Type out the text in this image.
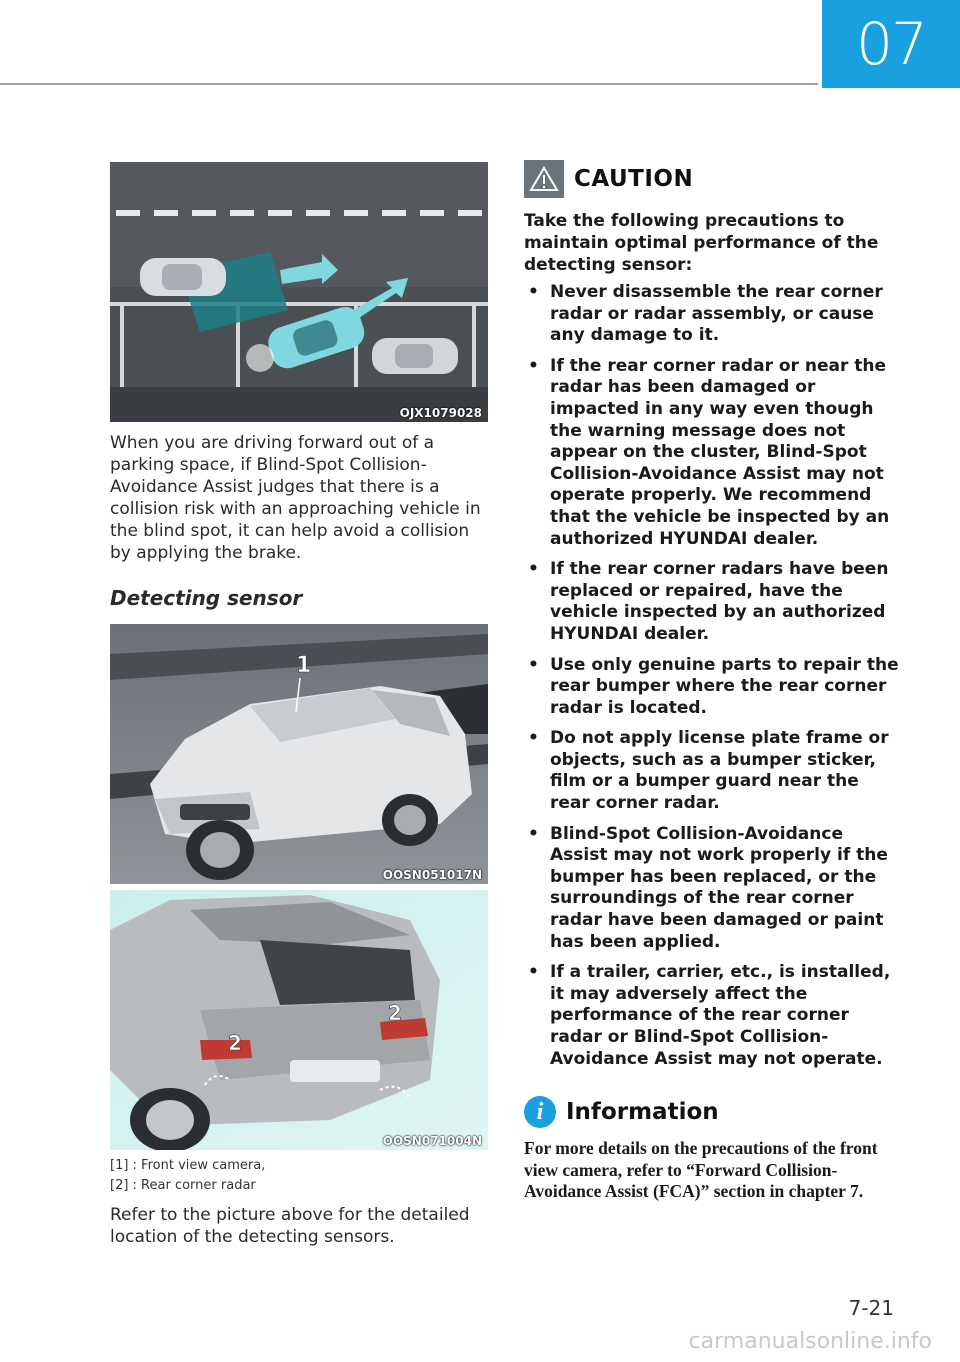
07
OJX1079028

When you are driving forward out of a parking space, if Blind-Spot Collision-Avoidance Assist judges that there is a collision risk with an approaching vehicle in the blind spot, it can help avoid a collision by applying the brake.

Detecting sensor
1
OOSN051017N
2
2
OOSN071004N
[1] : Front view camera,
[2] : Rear corner radar

Refer to the picture above for the detailed location of the detecting sensors.

CAUTION
Take the following precautions to maintain optimal performance of the detecting sensor:
• Never disassemble the rear corner radar or radar assembly, or cause any damage to it.
• If the rear corner radar or near the radar has been damaged or impacted in any way even though the warning message does not appear on the cluster, Blind-Spot Collision-Avoidance Assist may not operate properly. We recommend that the vehicle be inspected by an authorized HYUNDAI dealer.
• If the rear corner radars have been replaced or repaired, have the vehicle inspected by an authorized HYUNDAI dealer.
• Use only genuine parts to repair the rear bumper where the rear corner radar is located.
• Do not apply license plate frame or objects, such as a bumper sticker, film or a bumper guard near the rear corner radar.
• Blind-Spot Collision-Avoidance Assist may not work properly if the bumper has been replaced, or the surroundings of the rear corner radar have been damaged or paint has been applied.
• If a trailer, carrier, etc., is installed, it may adversely affect the performance of the rear corner radar or Blind-Spot Collision-Avoidance Assist may not operate.
i Information
For more details on the precautions of the front view camera, refer to “Forward Collision-Avoidance Assist (FCA)” section in chapter 7.
7-21
carmanualsonline.info
